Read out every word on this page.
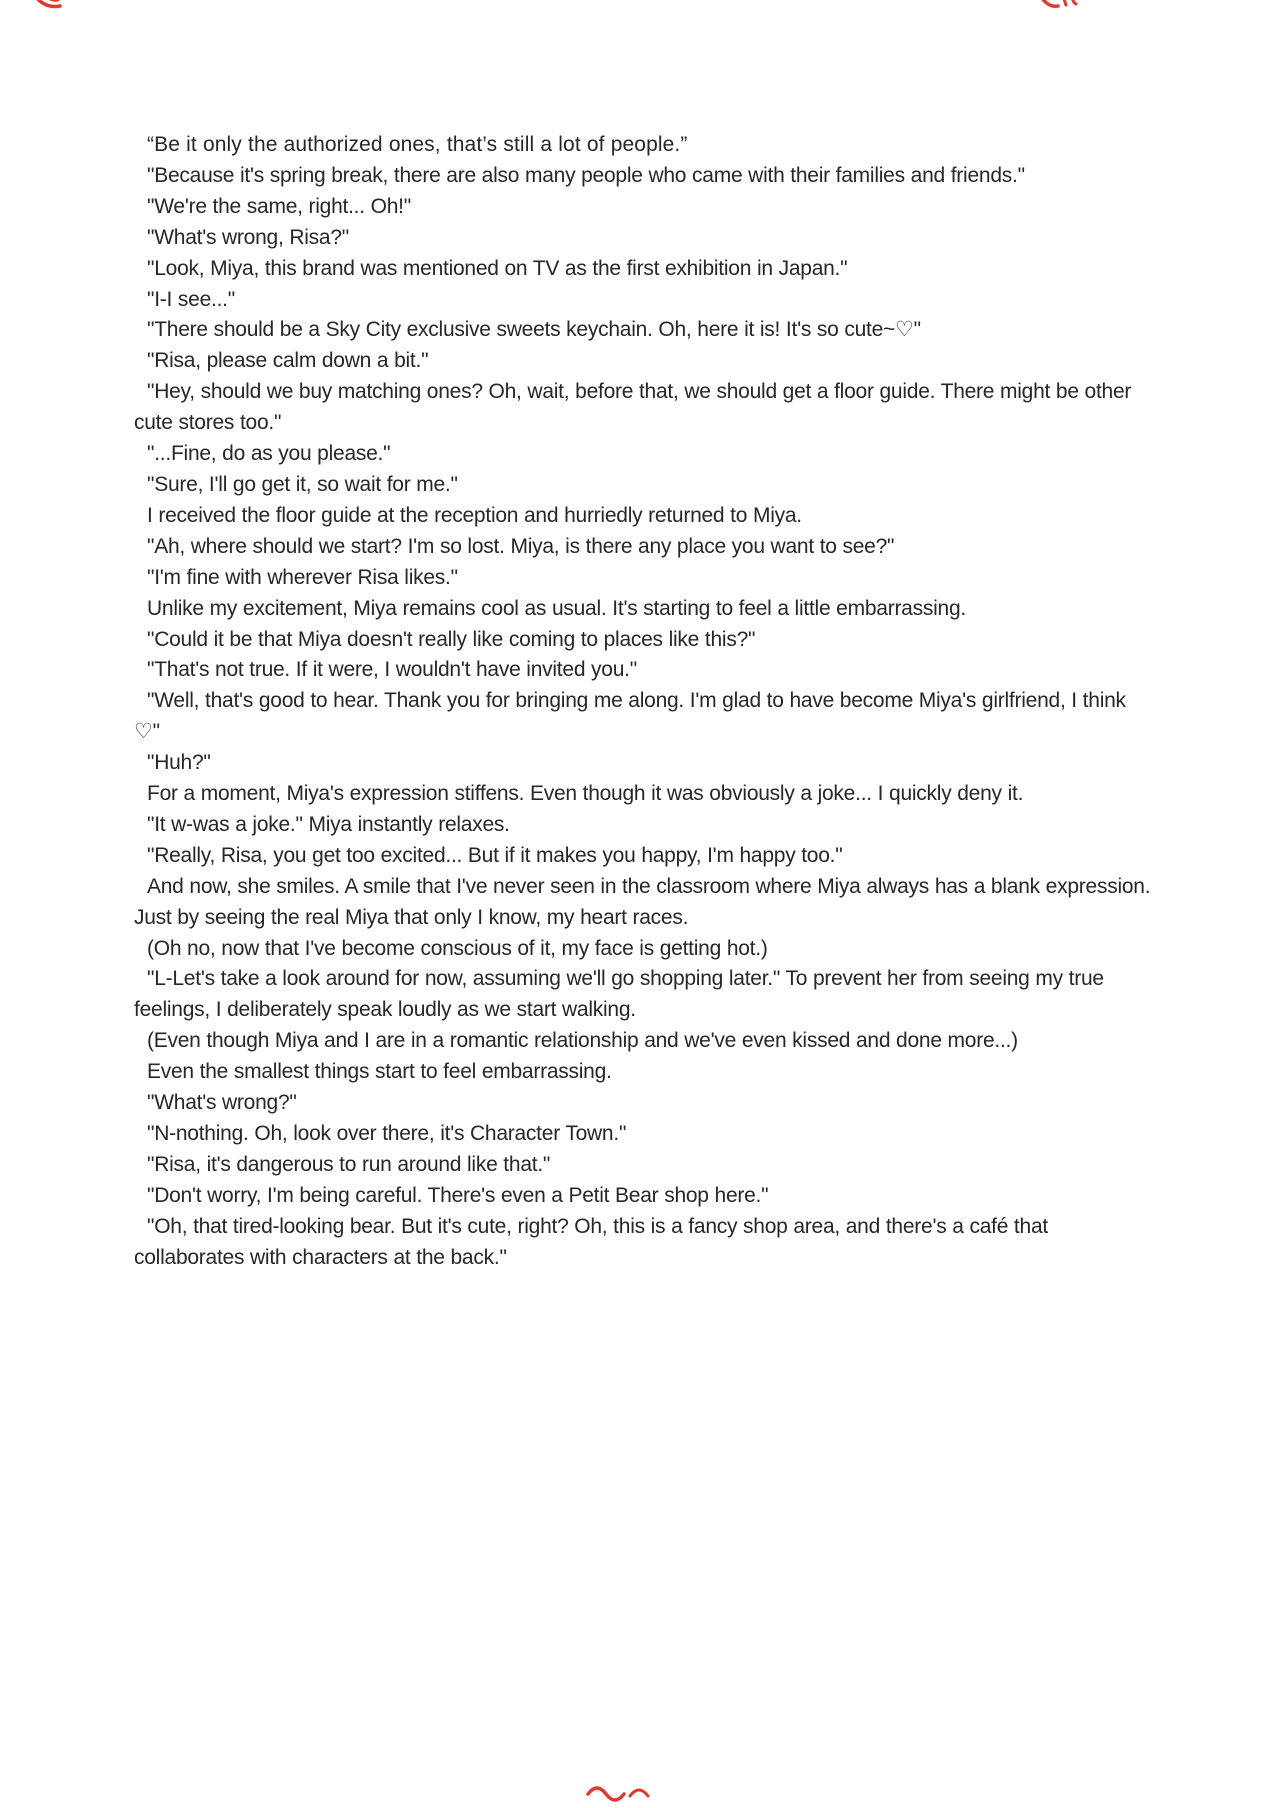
“Be it only the authorized ones, that’s still a lot of people.”

"Because it's spring break, there are also many people who came with their families and friends."

"We're the same, right... Oh!"

"What's wrong, Risa?"

"Look, Miya, this brand was mentioned on TV as the first exhibition in Japan."

"I-I see..."

"There should be a Sky City exclusive sweets keychain. Oh, here it is! It's so cute~♡"

"Risa, please calm down a bit."

"Hey, should we buy matching ones? Oh, wait, before that, we should get a floor guide. There might be other cute stores too."

"...Fine, do as you please."

"Sure, I'll go get it, so wait for me."

I received the floor guide at the reception and hurriedly returned to Miya.

"Ah, where should we start? I'm so lost. Miya, is there any place you want to see?"

"I'm fine with wherever Risa likes."

Unlike my excitement, Miya remains cool as usual. It's starting to feel a little embarrassing.

"Could it be that Miya doesn't really like coming to places like this?"

"That's not true. If it were, I wouldn't have invited you."

"Well, that's good to hear. Thank you for bringing me along. I'm glad to have become Miya's girlfriend, I think ♡"

"Huh?"

For a moment, Miya's expression stiffens. Even though it was obviously a joke... I quickly deny it.

"It w-was a joke." Miya instantly relaxes.

"Really, Risa, you get too excited... But if it makes you happy, I'm happy too."

And now, she smiles. A smile that I've never seen in the classroom where Miya always has a blank expression. Just by seeing the real Miya that only I know, my heart races.

(Oh no, now that I've become conscious of it, my face is getting hot.)

"L-Let's take a look around for now, assuming we'll go shopping later." To prevent her from seeing my true feelings, I deliberately speak loudly as we start walking.

(Even though Miya and I are in a romantic relationship and we've even kissed and done more...)

Even the smallest things start to feel embarrassing.

"What's wrong?"

"N-nothing. Oh, look over there, it's Character Town."

"Risa, it's dangerous to run around like that."

"Don't worry, I'm being careful. There's even a Petit Bear shop here."

"Oh, that tired-looking bear. But it's cute, right? Oh, this is a fancy shop area, and there's a café that collaborates with characters at the back."
